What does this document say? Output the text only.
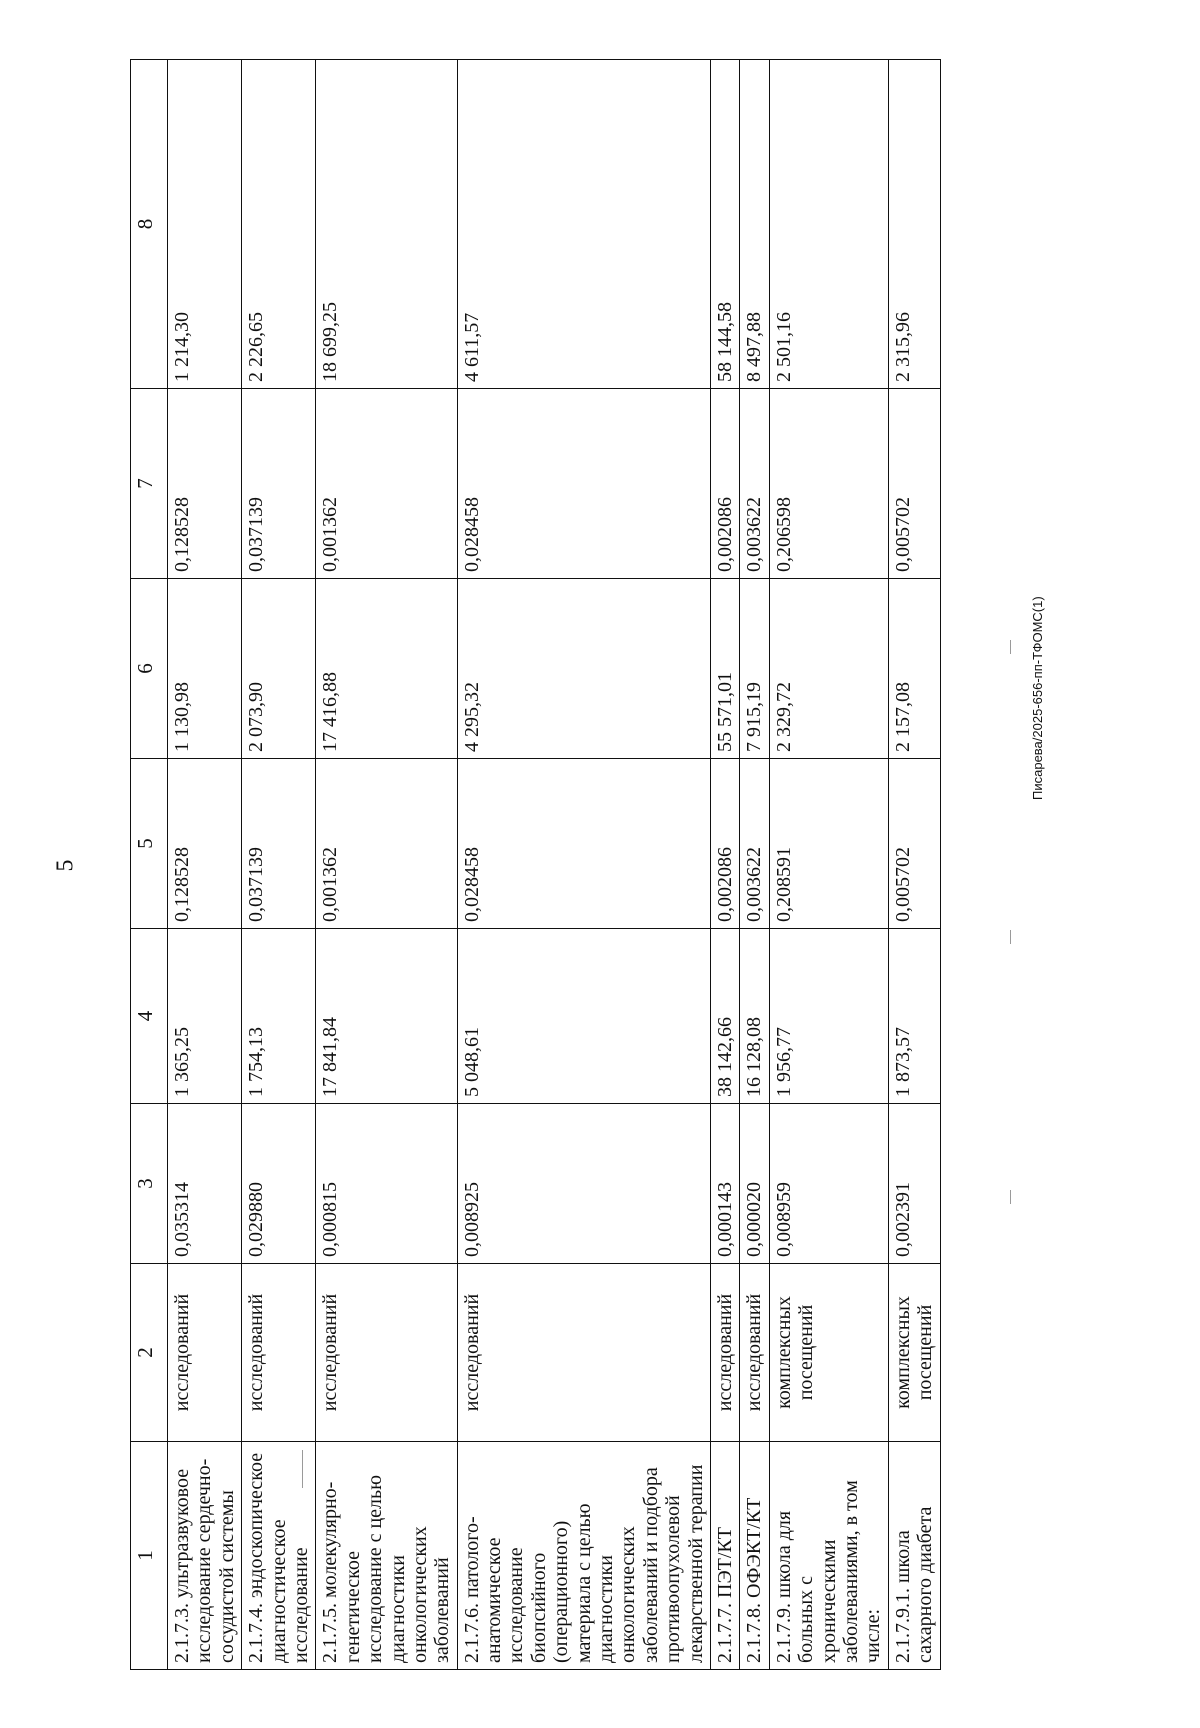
5
Писарева/2025-656-пп-ТФОМС(1)
1	2	3	4	5	6	7	8
2.1.7.3. ультразвуковое исследование сердечно-сосудистой системы	исследований	0,035314	1 365,25	0,128528	1 130,98	0,128528	1 214,30
2.1.7.4. эндоскопическое диагностическое исследование	исследований	0,029880	1 754,13	0,037139	2 073,90	0,037139	2 226,65
2.1.7.5. молекулярно-генетическое исследование с целью диагностики онкологических заболеваний	исследований	0,000815	17 841,84	0,001362	17 416,88	0,001362	18 699,25
2.1.7.6. патолого-анатомическое исследование биопсийного (операционного) материала с целью диагностики онкологических заболеваний и подбора противоопухолевой лекарственной терапии	исследований	0,008925	5 048,61	0,028458	4 295,32	0,028458	4 611,57
2.1.7.7. ПЭТ/КТ	исследований	0,000143	38 142,66	0,002086	55 571,01	0,002086	58 144,58
2.1.7.8. ОФЭКТ/КТ	исследований	0,000020	16 128,08	0,003622	7 915,19	0,003622	8 497,88
2.1.7.9. школа для больных с хроническими заболеваниями, в том числе:	комплексных посещений	0,008959	1 956,77	0,208591	2 329,72	0,206598	2 501,16
2.1.7.9.1. школа сахарного диабета	комплексных посещений	0,002391	1 873,57	0,005702	2 157,08	0,005702	2 315,96
